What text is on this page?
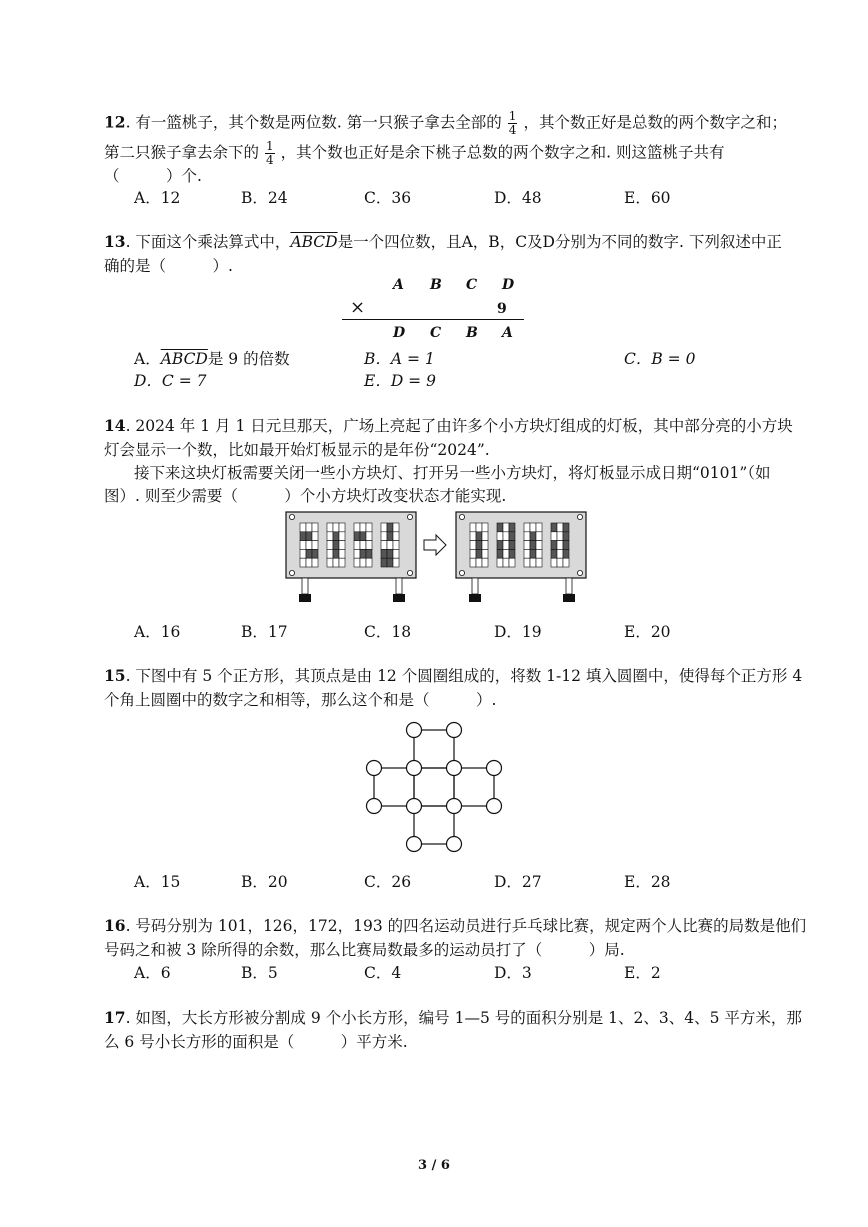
12. 有一篮桃子，其个数是两位数. 第一只猴子拿去全部的 $\frac{1}{4}$ ，其个数正好是总数的两个数字之和；
第二只猴子拿去余下的 $\frac{1}{4}$ ，其个数也正好是余下桃子总数的两个数字之和. 则这篮桃子共有
（　　　）个.
A．12	B．24	C．36	D．48	E．60
13. 下面这个乘法算式中，ABCD是一个四位数，且A，B，C及D分别为不同的数字. 下列叙述中正
确的是（　　　）.
A B C D
×	9
D C B A
A．ABCD是 9 的倍数	B．A = 1	C．B = 0
D．C = 7	E．D = 9
14. 2024 年 1 月 1 日元旦那天，广场上亮起了由许多个小方块灯组成的灯板，其中部分亮的小方块
灯会显示一个数，比如最开始灯板显示的是年份“2024”.
接下来这块灯板需要关闭一些小方块灯、打开另一些小方块灯，将灯板显示成日期“0101”（如
图）. 则至少需要（　　　）个小方块灯改变状态才能实现.
A．16	B．17	C．18	D．19	E．20
15. 下图中有 5 个正方形，其顶点是由 12 个圆圈组成的，将数 1-12 填入圆圈中，使得每个正方形 4
个角上圆圈中的数字之和相等，那么这个和是（　　　）.
A．15	B．20	C．26	D．27	E．28
16. 号码分别为 101，126，172，193 的四名运动员进行乒乓球比赛，规定两个人比赛的局数是他们
号码之和被 3 除所得的余数，那么比赛局数最多的运动员打了（　　　）局.
A．6	B．5	C．4	D．3	E．2
17. 如图，大长方形被分割成 9 个小长方形，编号 1—5 号的面积分别是 1、2、3、4、5 平方米，那
么 6 号小长方形的面积是（　　　）平方米.
3 / 6
